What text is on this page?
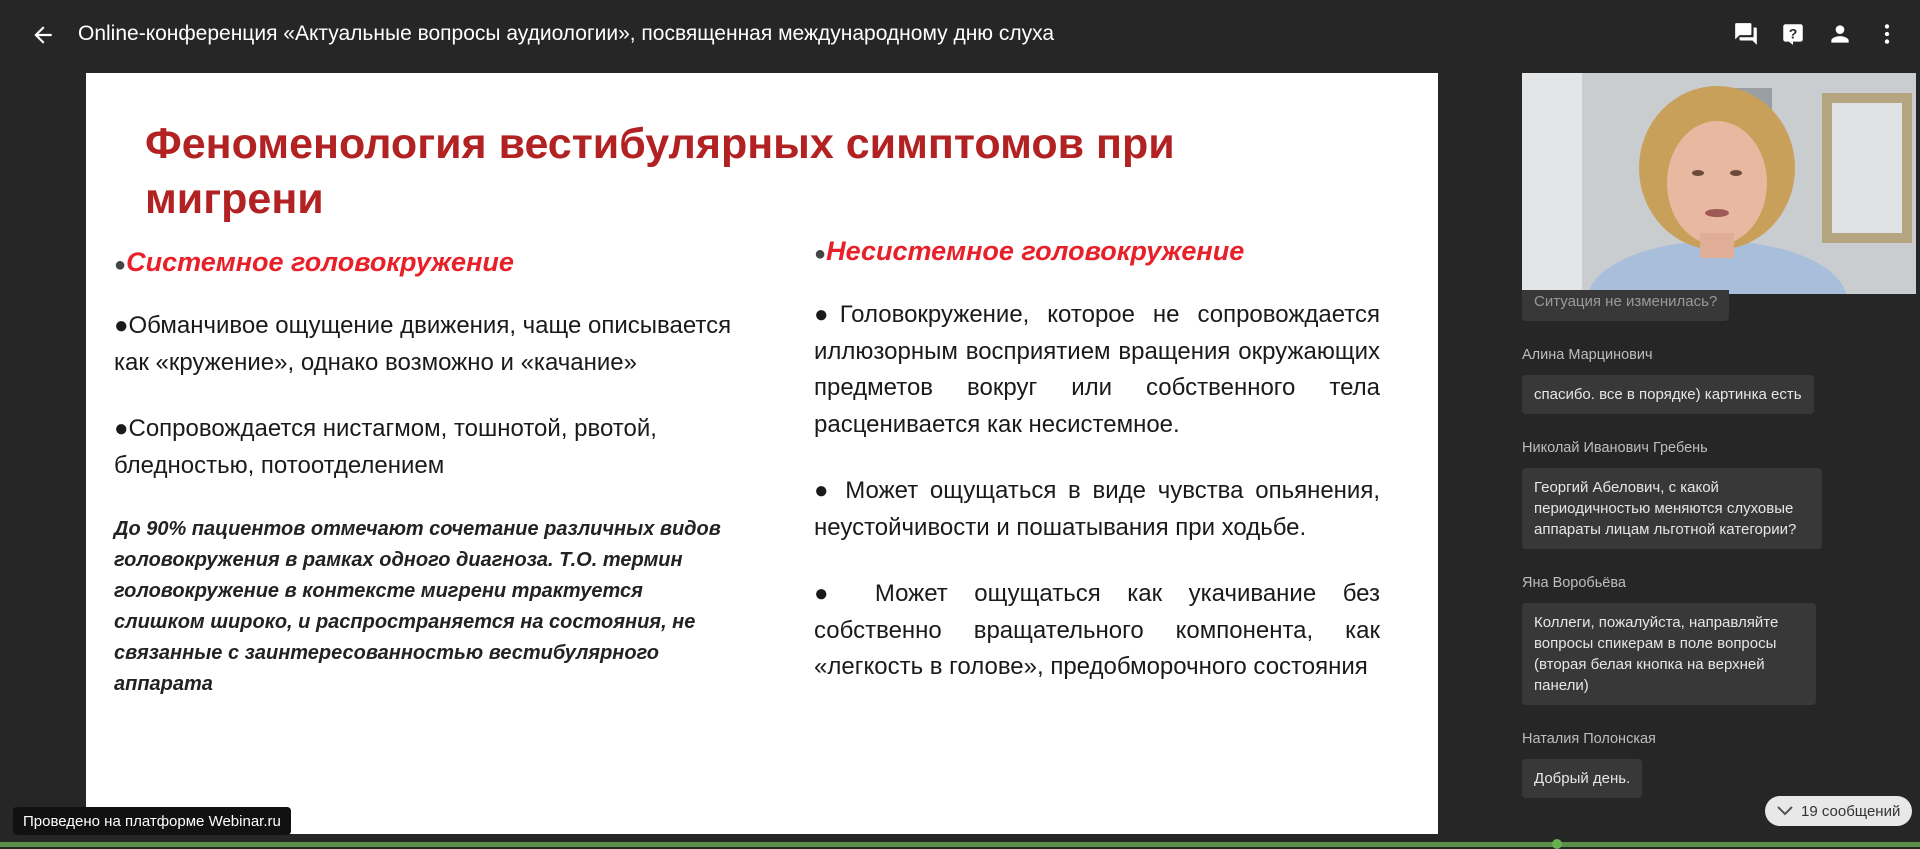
Online-конференция «Актуальные вопросы аудиологии», посвященная международному дню слуха	?
Феноменология вестибулярных симптомов при мигрени
●Системное головокружение
●Обманчивое ощущение движения, чаще описывается как «кружение», однако возможно и «качание»
●Сопровождается нистагмом, тошнотой, рвотой, бледностью, потоотделением
До 90% пациентов отмечают сочетание различных видов головокружения в рамках одного диагноза. Т.О. термин головокружение в контексте мигрени трактуется слишком широко, и распространяется на состояния, не связанные с заинтересованностью вестибулярного аппарата
●Несистемное головокружение
●Головокружение, которое не сопровождается иллюзорным восприятием вращения окружающих предметов вокруг или собственного тела расценивается как несистемное.
● Может ощущаться в виде чувства опьянения, неустойчивости и пошатывания при ходьбе.
● Может ощущаться как укачивание без собственно вращательного компонента, как «легкость в голове», предобморочного состояния
Проведено на платформе Webinar.ru
Ситуация не изменилась?
Алина Марцинович
спасибо. все в порядке) картинка есть
Николай Иванович Гребень
Георгий Абелович, с какой периодичностью меняются слуховые аппараты лицам льготной категории?
Яна Воробьёва
Коллеги, пожалуйста, направляйте вопросы спикерам в поле вопросы (вторая белая кнопка на верхней панели)
Наталия Полонская
Добрый день.
19 сообщений
